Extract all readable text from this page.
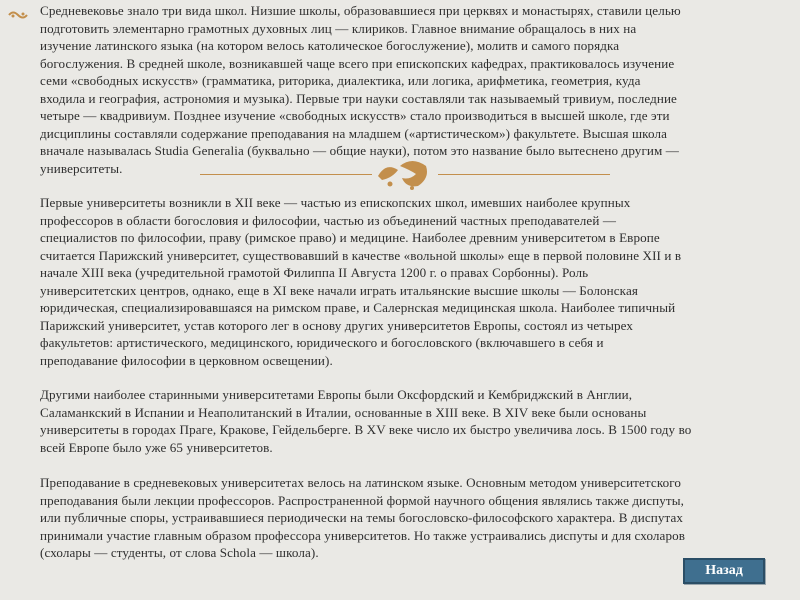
Средневековье знало три вида школ. Низшие школы, образовавшиеся при церквях и монастырях, ставили целью
подготовить элементарно грамотных духовных лиц — клириков. Главное внимание обращалось в них на
изучение латинского языка (на котором велось католическое богослужение), молитв и самого порядка
богослужения. В средней школе, возникавшей чаще всего при епископских кафедрах, практиковалось изучение
семи «свободных искусств» (грамматика, риторика, диалектика, или логика, арифметика, геометрия, куда
входила и география, астрономия и музыка). Первые три науки составляли так называемый тривиум, последние
четыре — квадривиум. Позднее изучение «свободных искусств» стало производиться в высшей школе, где эти
дисциплины составляли содержание преподавания на младшем («артистическом») факультете. Высшая школа
вначале называлась Studia Generalia (буквально — общие науки), потом это название было вытеснено другим —
университеты.

Первые университеты возникли в XII веке — частью из епископских школ, имевших наиболее крупных
профессоров в области богословия и философии, частью из объединений частных преподавателей —
специалистов по философии, праву (римское право) и медицине. Наиболее древним университетом в Европе
считается Парижский университет, существовавший в качестве «вольной школы» еще в первой половине XII и в
начале XIII века (учредительной грамотой Филиппа II Августа 1200 г. о правах Сорбонны). Роль
университетских центров, однако, еще в XI веке начали играть итальянские высшие школы — Болонская
юридическая, специализировавшаяся на римском праве, и Салернская медицинская школа. Наиболее типичный
Парижский университет, устав которого лег в основу других университетов Европы, состоял из четырех
факультетов: артистического, медицинского, юридического и богословского (включавшего в себя и
преподавание философии в церковном освещении).

Другими наиболее старинными университетами Европы были Оксфордский и Кембриджский в Англии,
Саламанкский в Испании и Неаполитанский в Италии, основанные в XIII веке. В XIV веке были основаны
университеты в городах Праге, Кракове, Гейдельберге. В XV веке число их быстро увеличива лось. В 1500 году во
всей Европе было уже 65 университетов.

Преподавание в средневековых университетах велось на латинском языке. Основным методом университетского
преподавания были лекции профессоров. Распространенной формой научного общения являлись также диспуты,
или публичные споры, устраивавшиеся периодически на темы богословско-философского характера. В диспутах
принимали участие главным образом профессора университетов. Но также устраивались диспуты и для схоларов
(схолары — студенты, от слова Schola — школа).

Назад
